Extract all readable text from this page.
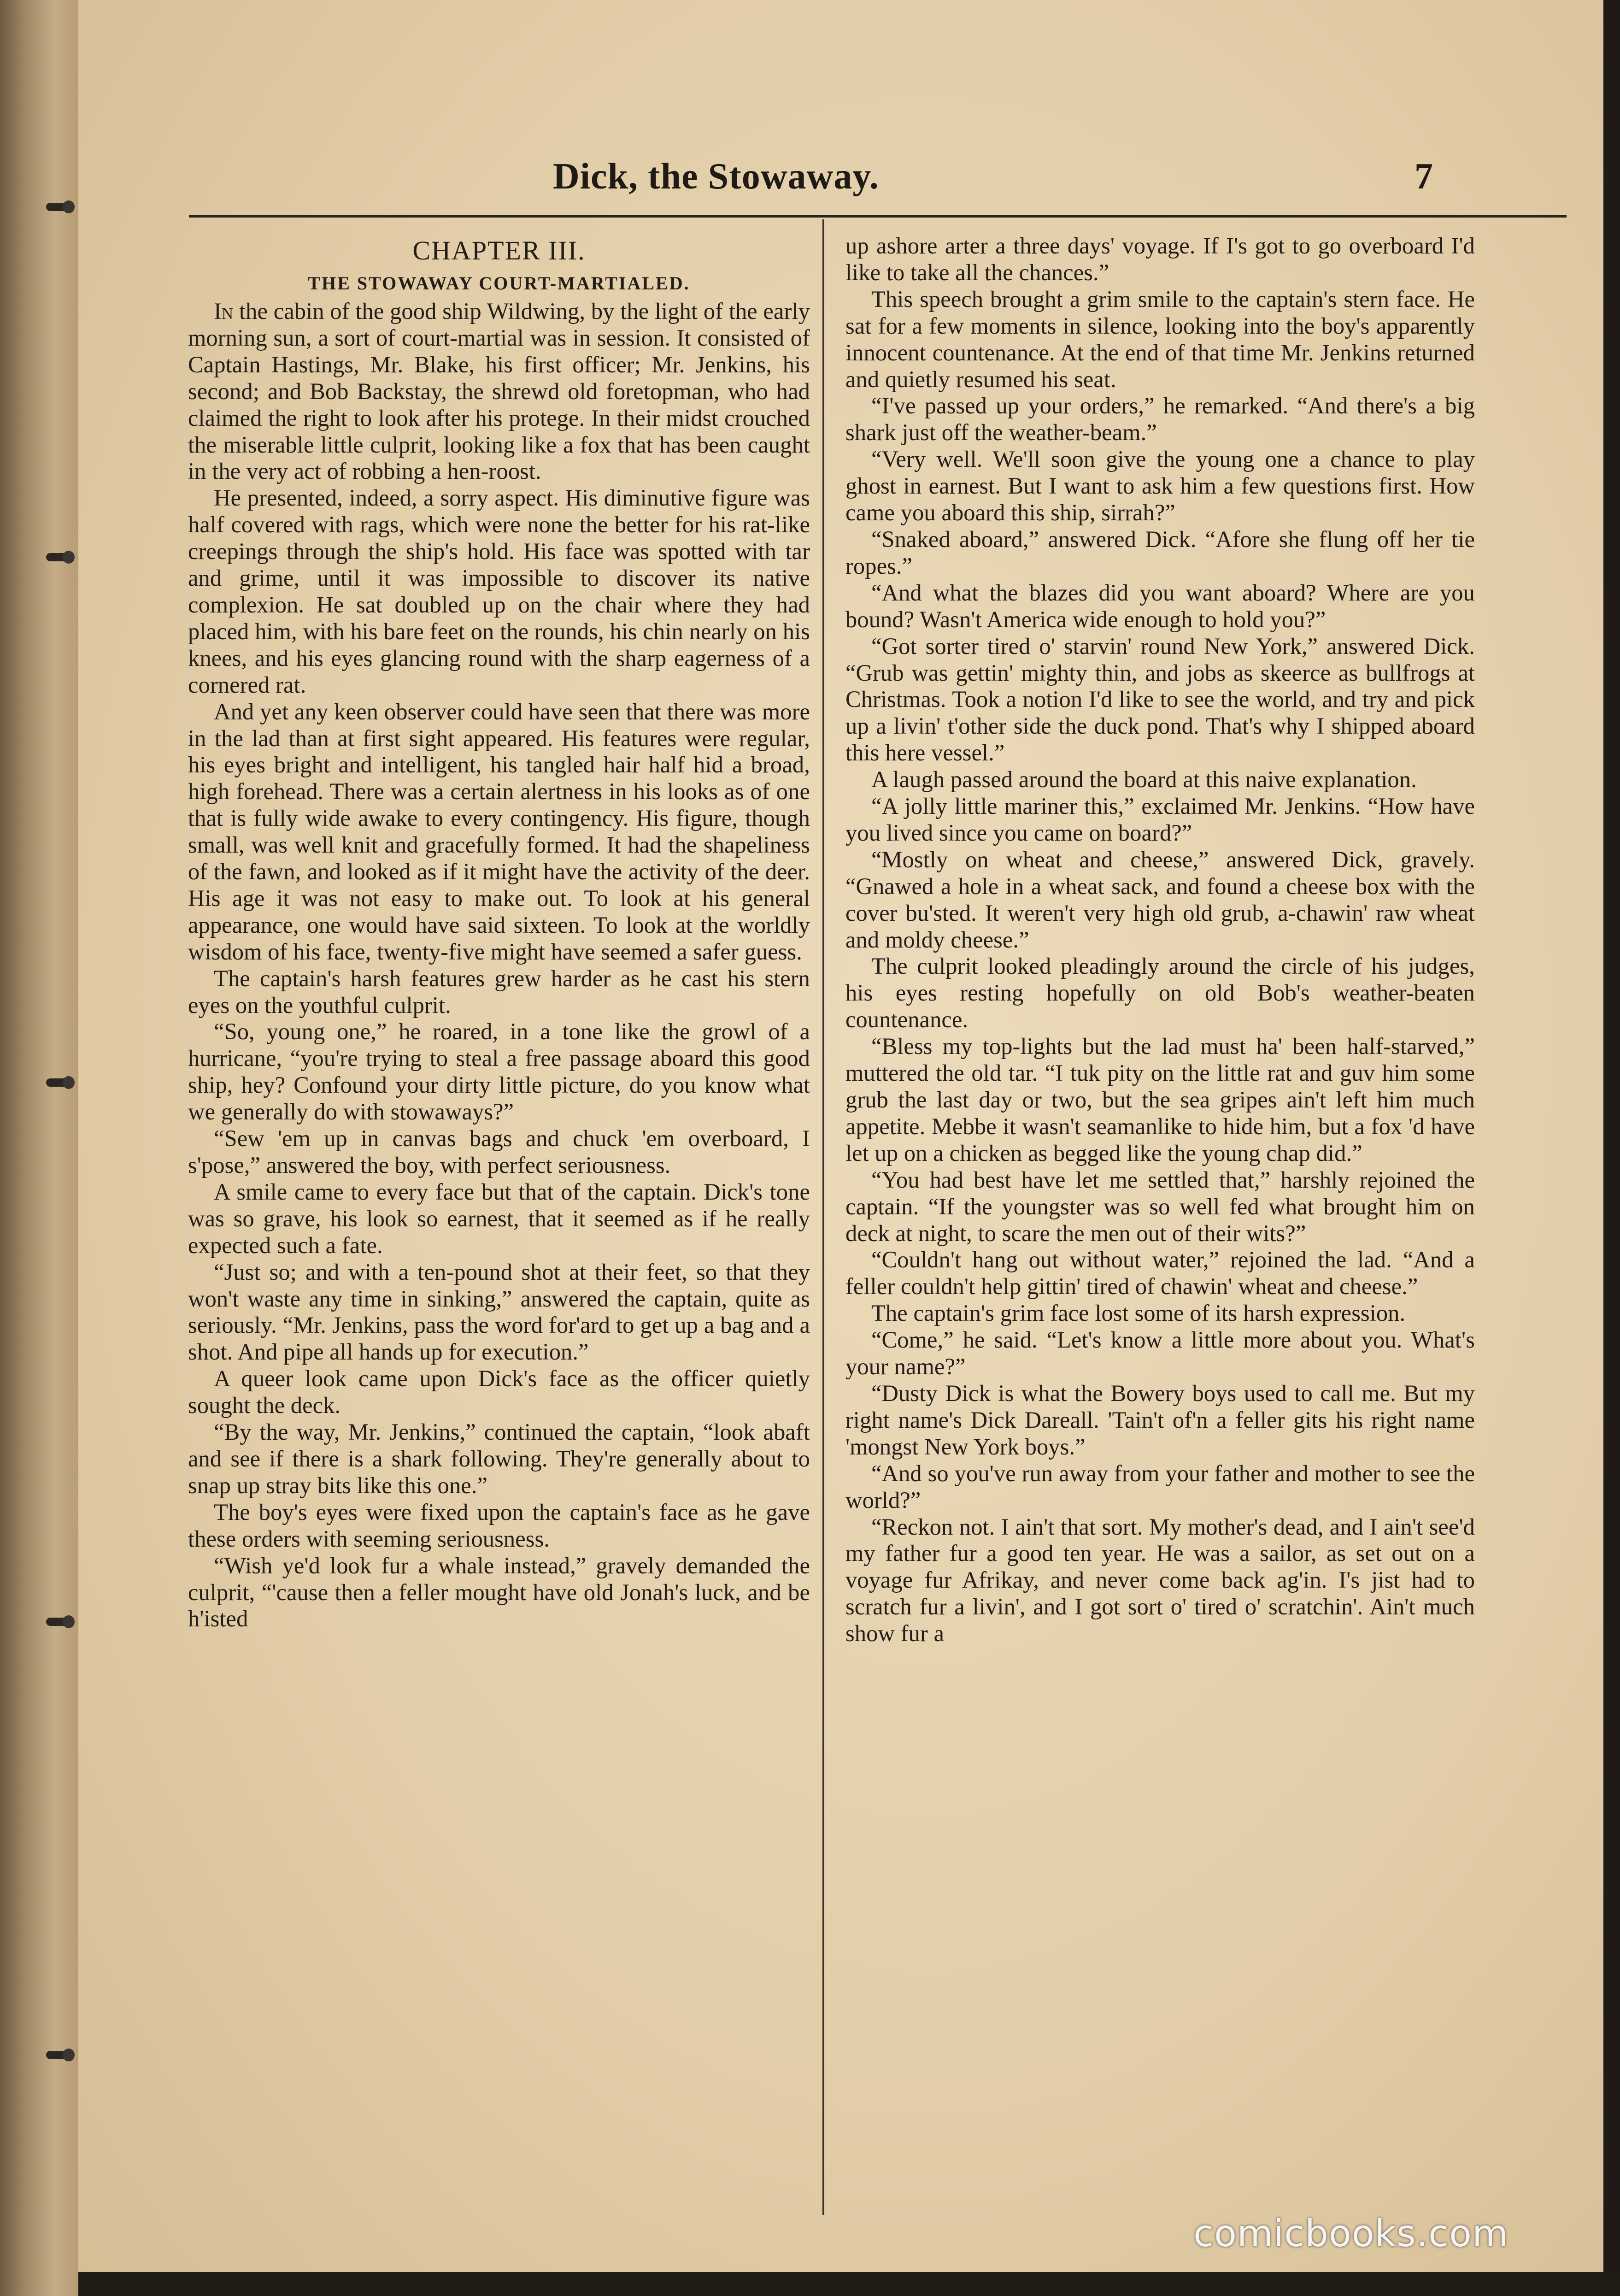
Dick, the Stowaway.	7
CHAPTER III.
THE STOWAWAY COURT-MARTIALED.

In the cabin of the good ship Wildwing, by the light of the early morning sun, a sort of court-martial was in session. It consisted of Captain Hastings, Mr. Blake, his first officer; Mr. Jenkins, his second; and Bob Backstay, the shrewd old foretopman, who had claimed the right to look after his protege. In their midst crouched the miserable little culprit, looking like a fox that has been caught in the very act of robbing a hen-roost.

He presented, indeed, a sorry aspect. His diminutive figure was half covered with rags, which were none the better for his rat-like creepings through the ship's hold. His face was spotted with tar and grime, until it was impossible to discover its native complexion. He sat doubled up on the chair where they had placed him, with his bare feet on the rounds, his chin nearly on his knees, and his eyes glancing round with the sharp eagerness of a cornered rat.

And yet any keen observer could have seen that there was more in the lad than at first sight appeared. His features were regular, his eyes bright and intelligent, his tangled hair half hid a broad, high forehead. There was a certain alertness in his looks as of one that is fully wide awake to every contingency. His figure, though small, was well knit and gracefully formed. It had the shapeliness of the fawn, and looked as if it might have the activity of the deer. His age it was not easy to make out. To look at his general appearance, one would have said sixteen. To look at the worldly wisdom of his face, twenty-five might have seemed a safer guess.

The captain's harsh features grew harder as he cast his stern eyes on the youthful culprit.

“So, young one,” he roared, in a tone like the growl of a hurricane, “you're trying to steal a free passage aboard this good ship, hey? Confound your dirty little picture, do you know what we generally do with stowaways?”

“Sew 'em up in canvas bags and chuck 'em overboard, I s'pose,” answered the boy, with perfect seriousness.

A smile came to every face but that of the captain. Dick's tone was so grave, his look so earnest, that it seemed as if he really expected such a fate.

“Just so; and with a ten-pound shot at their feet, so that they won't waste any time in sinking,” answered the captain, quite as seriously. “Mr. Jenkins, pass the word for'ard to get up a bag and a shot. And pipe all hands up for execution.”

A queer look came upon Dick's face as the officer quietly sought the deck.

“By the way, Mr. Jenkins,” continued the captain, “look abaft and see if there is a shark following. They're generally about to snap up stray bits like this one.”

The boy's eyes were fixed upon the captain's face as he gave these orders with seeming seriousness.

“Wish ye'd look fur a whale instead,” gravely demanded the culprit, “'cause then a feller mought have old Jonah's luck, and be h'isted

up ashore arter a three days' voyage. If I's got to go overboard I'd like to take all the chances.”

This speech brought a grim smile to the captain's stern face. He sat for a few moments in silence, looking into the boy's apparently innocent countenance. At the end of that time Mr. Jenkins returned and quietly resumed his seat.

“I've passed up your orders,” he remarked. “And there's a big shark just off the weather-beam.”

“Very well. We'll soon give the young one a chance to play ghost in earnest. But I want to ask him a few questions first. How came you aboard this ship, sirrah?”

“Snaked aboard,” answered Dick. “Afore she flung off her tie ropes.”

“And what the blazes did you want aboard? Where are you bound? Wasn't America wide enough to hold you?”

“Got sorter tired o' starvin' round New York,” answered Dick. “Grub was gettin' mighty thin, and jobs as skeerce as bullfrogs at Christmas. Took a notion I'd like to see the world, and try and pick up a livin' t'other side the duck pond. That's why I shipped aboard this here vessel.”

A laugh passed around the board at this naive explanation.

“A jolly little mariner this,” exclaimed Mr. Jenkins. “How have you lived since you came on board?”

“Mostly on wheat and cheese,” answered Dick, gravely. “Gnawed a hole in a wheat sack, and found a cheese box with the cover bu'sted. It weren't very high old grub, a-chawin' raw wheat and moldy cheese.”

The culprit looked pleadingly around the circle of his judges, his eyes resting hopefully on old Bob's weather-beaten countenance.

“Bless my top-lights but the lad must ha' been half-starved,” muttered the old tar. “I tuk pity on the little rat and guv him some grub the last day or two, but the sea gripes ain't left him much appetite. Mebbe it wasn't seamanlike to hide him, but a fox 'd have let up on a chicken as begged like the young chap did.”

“You had best have let me settled that,” harshly rejoined the captain. “If the youngster was so well fed what brought him on deck at night, to scare the men out of their wits?”

“Couldn't hang out without water,” rejoined the lad. “And a feller couldn't help gittin' tired of chawin' wheat and cheese.”

The captain's grim face lost some of its harsh expression.

“Come,” he said. “Let's know a little more about you. What's your name?”

“Dusty Dick is what the Bowery boys used to call me. But my right name's Dick Dareall. 'Tain't of'n a feller gits his right name 'mongst New York boys.”

“And so you've run away from your father and mother to see the world?”

“Reckon not. I ain't that sort. My mother's dead, and I ain't see'd my father fur a good ten year. He was a sailor, as set out on a voyage fur Afrikay, and never come back ag'in. I's jist had to scratch fur a livin', and I got sort o' tired o' scratchin'. Ain't much show fur a

comicbooks.com
